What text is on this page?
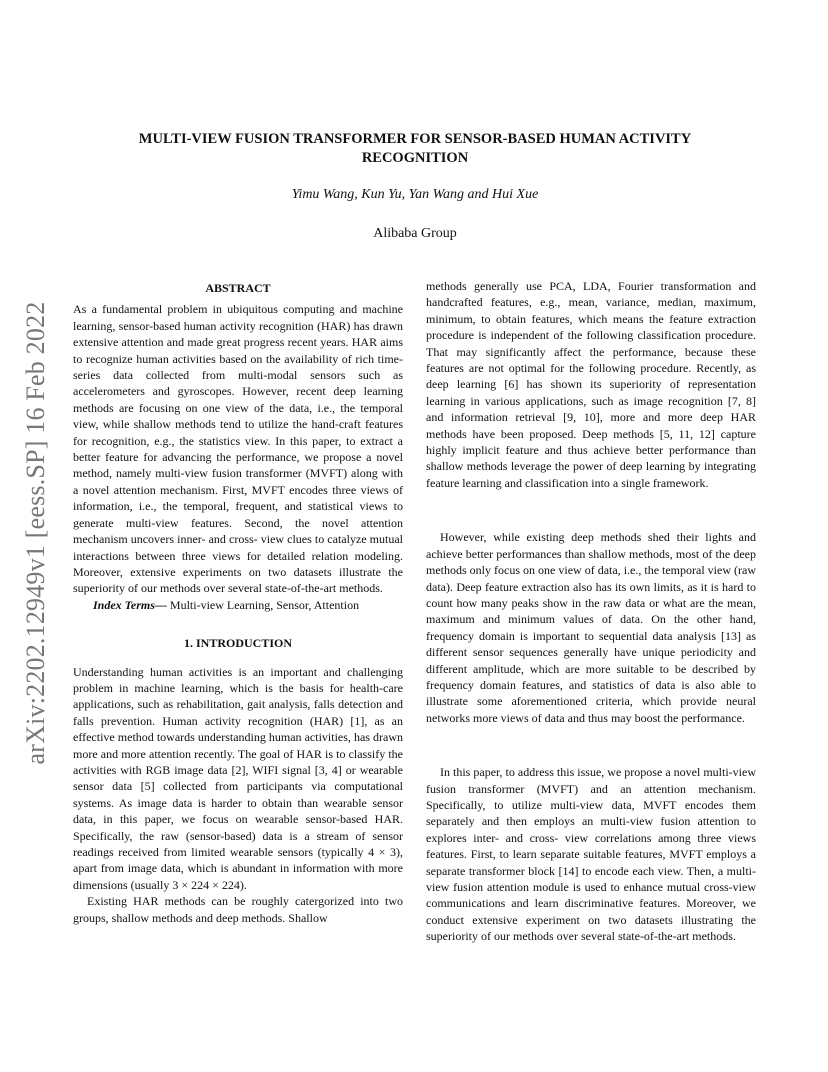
arXiv:2202.12949v1 [eess.SP] 16 Feb 2022
MULTI-VIEW FUSION TRANSFORMER FOR SENSOR-BASED HUMAN ACTIVITY RECOGNITION
Yimu Wang, Kun Yu, Yan Wang and Hui Xue
Alibaba Group
ABSTRACT

As a fundamental problem in ubiquitous computing and machine learning, sensor-based human activity recognition (HAR) has drawn extensive attention and made great progress recent years. HAR aims to recognize human activities based on the availability of rich time-series data collected from multi-modal sensors such as accelerometers and gyroscopes. However, recent deep learning methods are focusing on one view of the data, i.e., the temporal view, while shallow methods tend to utilize the hand-craft features for recognition, e.g., the statistics view. In this paper, to extract a better feature for advancing the performance, we propose a novel method, namely multi-view fusion transformer (MVFT) along with a novel attention mechanism. First, MVFT encodes three views of information, i.e., the temporal, frequent, and statistical views to generate multi-view features. Second, the novel attention mechanism uncovers inner- and cross- view clues to catalyze mutual interactions between three views for detailed relation modeling. Moreover, extensive experiments on two datasets illustrate the superiority of our methods over several state-of-the-art methods.

Index Terms— Multi-view Learning, Sensor, Attention

1. INTRODUCTION

Understanding human activities is an important and challenging problem in machine learning, which is the basis for health-care applications, such as rehabilitation, gait analysis, falls detection and falls prevention. Human activity recognition (HAR) [1], as an effective method towards understanding human activities, has drawn more and more attention recently. The goal of HAR is to classify the activities with RGB image data [2], WIFI signal [3, 4] or wearable sensor data [5] collected from participants via computational systems. As image data is harder to obtain than wearable sensor data, in this paper, we focus on wearable sensor-based HAR. Specifically, the raw (sensor-based) data is a stream of sensor readings received from limited wearable sensors (typically 4 × 3), apart from image data, which is abundant in information with more dimensions (usually 3 × 224 × 224).

Existing HAR methods can be roughly catergorized into two groups, shallow methods and deep methods. Shallow

methods generally use PCA, LDA, Fourier transformation and handcrafted features, e.g., mean, variance, median, maximum, minimum, to obtain features, which means the feature extraction procedure is independent of the following classification procedure. That may significantly affect the performance, because these features are not optimal for the following procedure. Recently, as deep learning [6] has shown its superiority of representation learning in various applications, such as image recognition [7, 8] and information retrieval [9, 10], more and more deep HAR methods have been proposed. Deep methods [5, 11, 12] capture highly implicit feature and thus achieve better performance than shallow methods leverage the power of deep learning by integrating feature learning and classification into a single framework.

However, while existing deep methods shed their lights and achieve better performances than shallow methods, most of the deep methods only focus on one view of data, i.e., the temporal view (raw data). Deep feature extraction also has its own limits, as it is hard to count how many peaks show in the raw data or what are the mean, maximum and minimum values of data. On the other hand, frequency domain is important to sequential data analysis [13] as different sensor sequences generally have unique periodicity and different amplitude, which are more suitable to be described by frequency domain features, and statistics of data is also able to illustrate some aforementioned criteria, which provide neural networks more views of data and thus may boost the performance.

In this paper, to address this issue, we propose a novel multi-view fusion transformer (MVFT) and an attention mechanism. Specifically, to utilize multi-view data, MVFT encodes them separately and then employs an multi-view fusion attention to explores inter- and cross- view correlations among three views features. First, to learn separate suitable features, MVFT employs a separate transformer block [14] to encode each view. Then, a multi-view fusion attention module is used to enhance mutual cross-view communications and learn discriminative features. Moreover, we conduct extensive experiment on two datasets illustrating the superiority of our methods over several state-of-the-art methods.
